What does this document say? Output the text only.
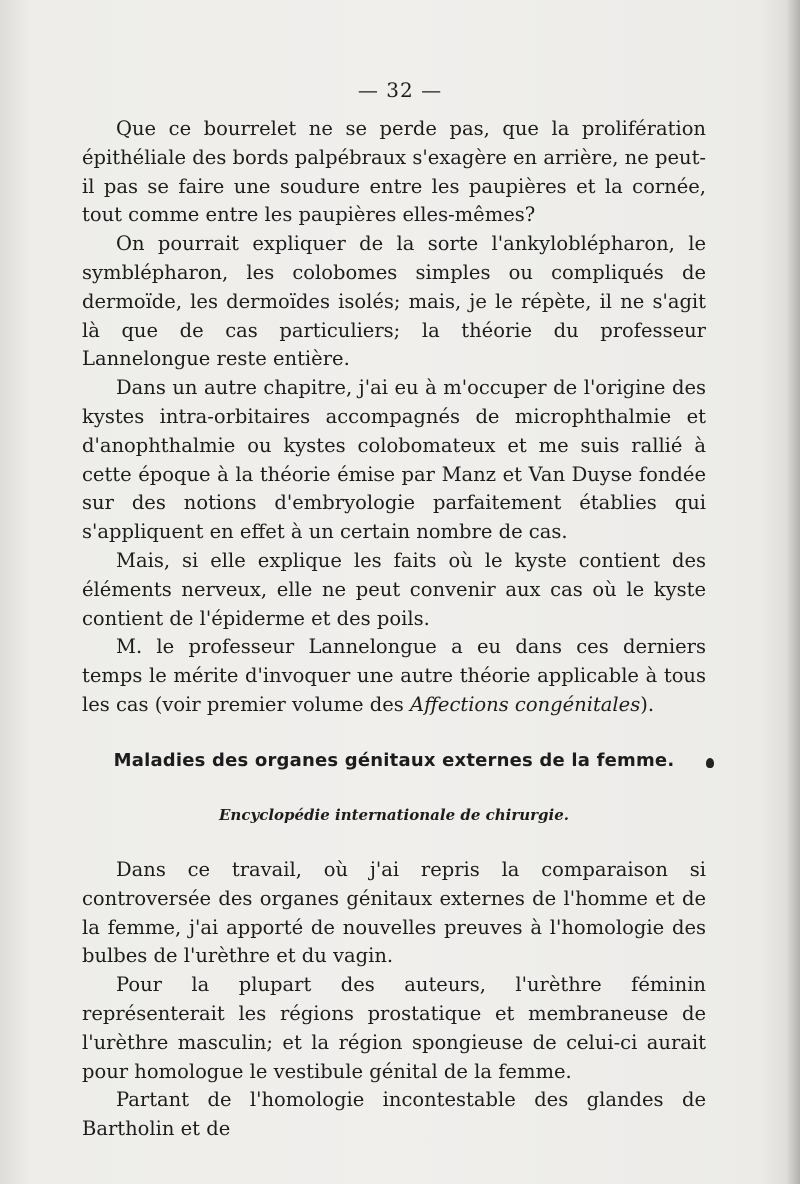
— 32 —

Que ce bourrelet ne se perde pas, que la prolifération épithéliale des bords palpébraux s'exagère en arrière, ne peut-il pas se faire une soudure entre les paupières et la cornée, tout comme entre les paupières elles-mêmes?

On pourrait expliquer de la sorte l'ankyloblépharon, le symblépharon, les colobomes simples ou compliqués de dermoïde, les dermoïdes isolés; mais, je le répète, il ne s'agit là que de cas particuliers; la théorie du professeur Lannelongue reste entière.

Dans un autre chapitre, j'ai eu à m'occuper de l'origine des kystes intra-orbitaires accompagnés de microphthalmie et d'anophthalmie ou kystes colobomateux et me suis rallié à cette époque à la théorie émise par Manz et Van Duyse fondée sur des notions d'embryologie parfaitement établies qui s'appliquent en effet à un certain nombre de cas.

Mais, si elle explique les faits où le kyste contient des éléments nerveux, elle ne peut convenir aux cas où le kyste contient de l'épiderme et des poils.

M. le professeur Lannelongue a eu dans ces derniers temps le mérite d'invoquer une autre théorie applicable à tous les cas (voir premier volume des Affections congénitales).

Maladies des organes génitaux externes de la femme.
Encyclopédie internationale de chirurgie.

Dans ce travail, où j'ai repris la comparaison si controversée des organes génitaux externes de l'homme et de la femme, j'ai apporté de nouvelles preuves à l'homologie des bulbes de l'urèthre et du vagin.

Pour la plupart des auteurs, l'urèthre féminin représenterait les régions prostatique et membraneuse de l'urèthre masculin; et la région spongieuse de celui-ci aurait pour homologue le vestibule génital de la femme.

Partant de l'homologie incontestable des glandes de Bartholin et de
